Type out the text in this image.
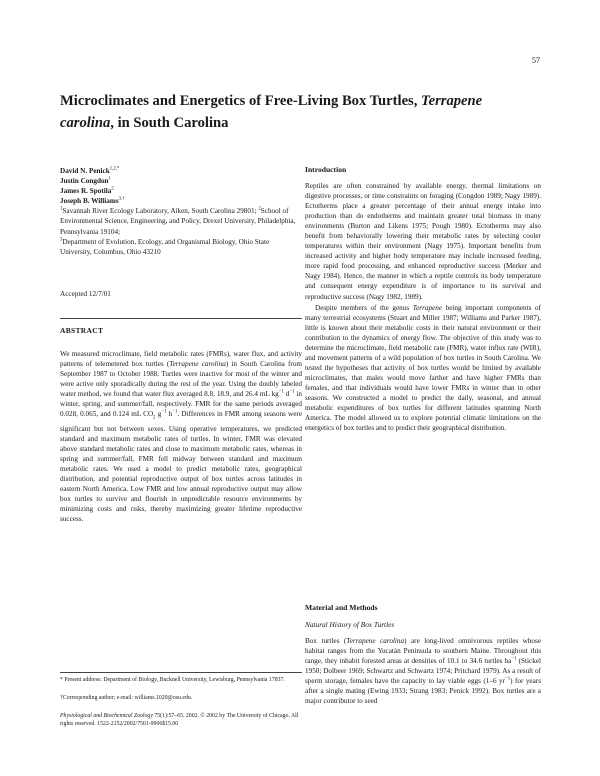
57
Microclimates and Energetics of Free-Living Box Turtles, Terrapene carolina, in South Carolina
David N. Penick$^{1,2,*}$
Justin Congdon$^1$
James R. Spotila$^2$
Joseph B. Williams$^{3,\dagger}$

$^1$Savannah River Ecology Laboratory, Aiken, South Carolina 29801; $^2$School of Environmental Science, Engineering, and Policy, Drexel University, Philadelphia, Pennsylvania 19104;
$^3$Department of Evolution, Ecology, and Organismal Biology, Ohio State University, Columbus, Ohio 43210

Accepted 12/7/01
ABSTRACT

We measured microclimate, field metabolic rates (FMRs), water flux, and activity patterns of telemetered box turtles (Terrapene carolina) in South Carolina from September 1987 to October 1988. Turtles were inactive for most of the winter and were active only sporadically during the rest of the year. Using the doubly labeled water method, we found that water flux averaged 8.8, 18.9, and 26.4 mL $kg^{-1}$ $d^{-1}$ in winter, spring, and summer/fall, respectively. FMR for the same periods averaged 0.028, 0.065, and 0.124 mL $CO_2$ $g^{-1}$ $h^{-1}$. Differences in FMR among seasons were significant but not between sexes. Using operative temperatures, we predicted standard and maximum metabolic rates of turtles. In winter, FMR was elevated above standard metabolic rates and close to maximum metabolic rates, whereas in spring and summer/fall, FMR fell midway between standard and maximum metabolic rates. We used a model to predict metabolic rates, geographical distribution, and potential reproductive output of box turtles across latitudes in eastern North America. Low FMR and low annual reproductive output may allow box turtles to survive and flourish in unpredictable resource environments by minimizing costs and risks, thereby maximizing greater lifetime reproductive success.

* Present address: Department of Biology, Bucknell University, Lewisburg, Pennsylvania 17837.

†Corresponding author; e-mail: williams.1020@osu.edu.

Physiological and Biochemical Zoology 75(1):57–65. 2002. © 2002 by The University of Chicago. All rights reserved. 1522-2152/2002/7501-9906$15.00
Introduction

Reptiles are often constrained by available energy, thermal limitations on digestive processes, or time constraints on foraging (Congdon 1989; Nagy 1989). Ectotherms place a greater percentage of their annual energy intake into production than do endotherms and maintain greater total biomass in many environments (Burton and Likens 1975; Pough 1980). Ectotherms may also benefit from behaviorally lowering their metabolic rates by selecting cooler temperatures within their environment (Nagy 1975). Important benefits from increased activity and higher body temperature may include increased feeding, more rapid food processing, and enhanced reproductive success (Merker and Nagy 1984). Hence, the manner in which a reptile controls its body temperature and consequent energy expenditure is of importance to its survival and reproductive success (Nagy 1982, 1989).

Despite members of the genus Terrapene being important components of many terrestrial ecosystems (Stuart and Miller 1987; Williams and Parker 1987), little is known about their metabolic costs in their natural environment or their contribution to the dynamics of energy flow. The objective of this study was to determine the microclimate, field metabolic rate (FMR), water influx rate (WIR), and movement patterns of a wild population of box turtles in South Carolina. We tested the hypotheses that activity of box turtles would be limited by available microclimates, that males would move farther and have higher FMRs than females, and that individuals would have lower FMRs in winter than in other seasons. We constructed a model to predict the daily, seasonal, and annual metabolic expenditures of box turtles for different latitudes spanning North America. The model allowed us to explore potential climatic limitations on the energetics of box turtles and to predict their geographical distribution.

Material and Methods
Natural History of Box Turtles

Box turtles (Terrapene carolina) are long-lived omnivorous reptiles whose habitat ranges from the Yucatán Peninsula to southern Maine. Throughout this range, they inhabit forested areas at densities of 10.1 to 34.6 turtles $ha^{-1}$ (Stickel 1950; Dolbeer 1969; Schwartz and Schwartz 1974; Pritchard 1979). As a result of sperm storage, females have the capacity to lay viable eggs (1–6 $yr^{-1}$) for years after a single mating (Ewing 1933; Strang 1983; Penick 1992). Box turtles are a major contributor to seed
